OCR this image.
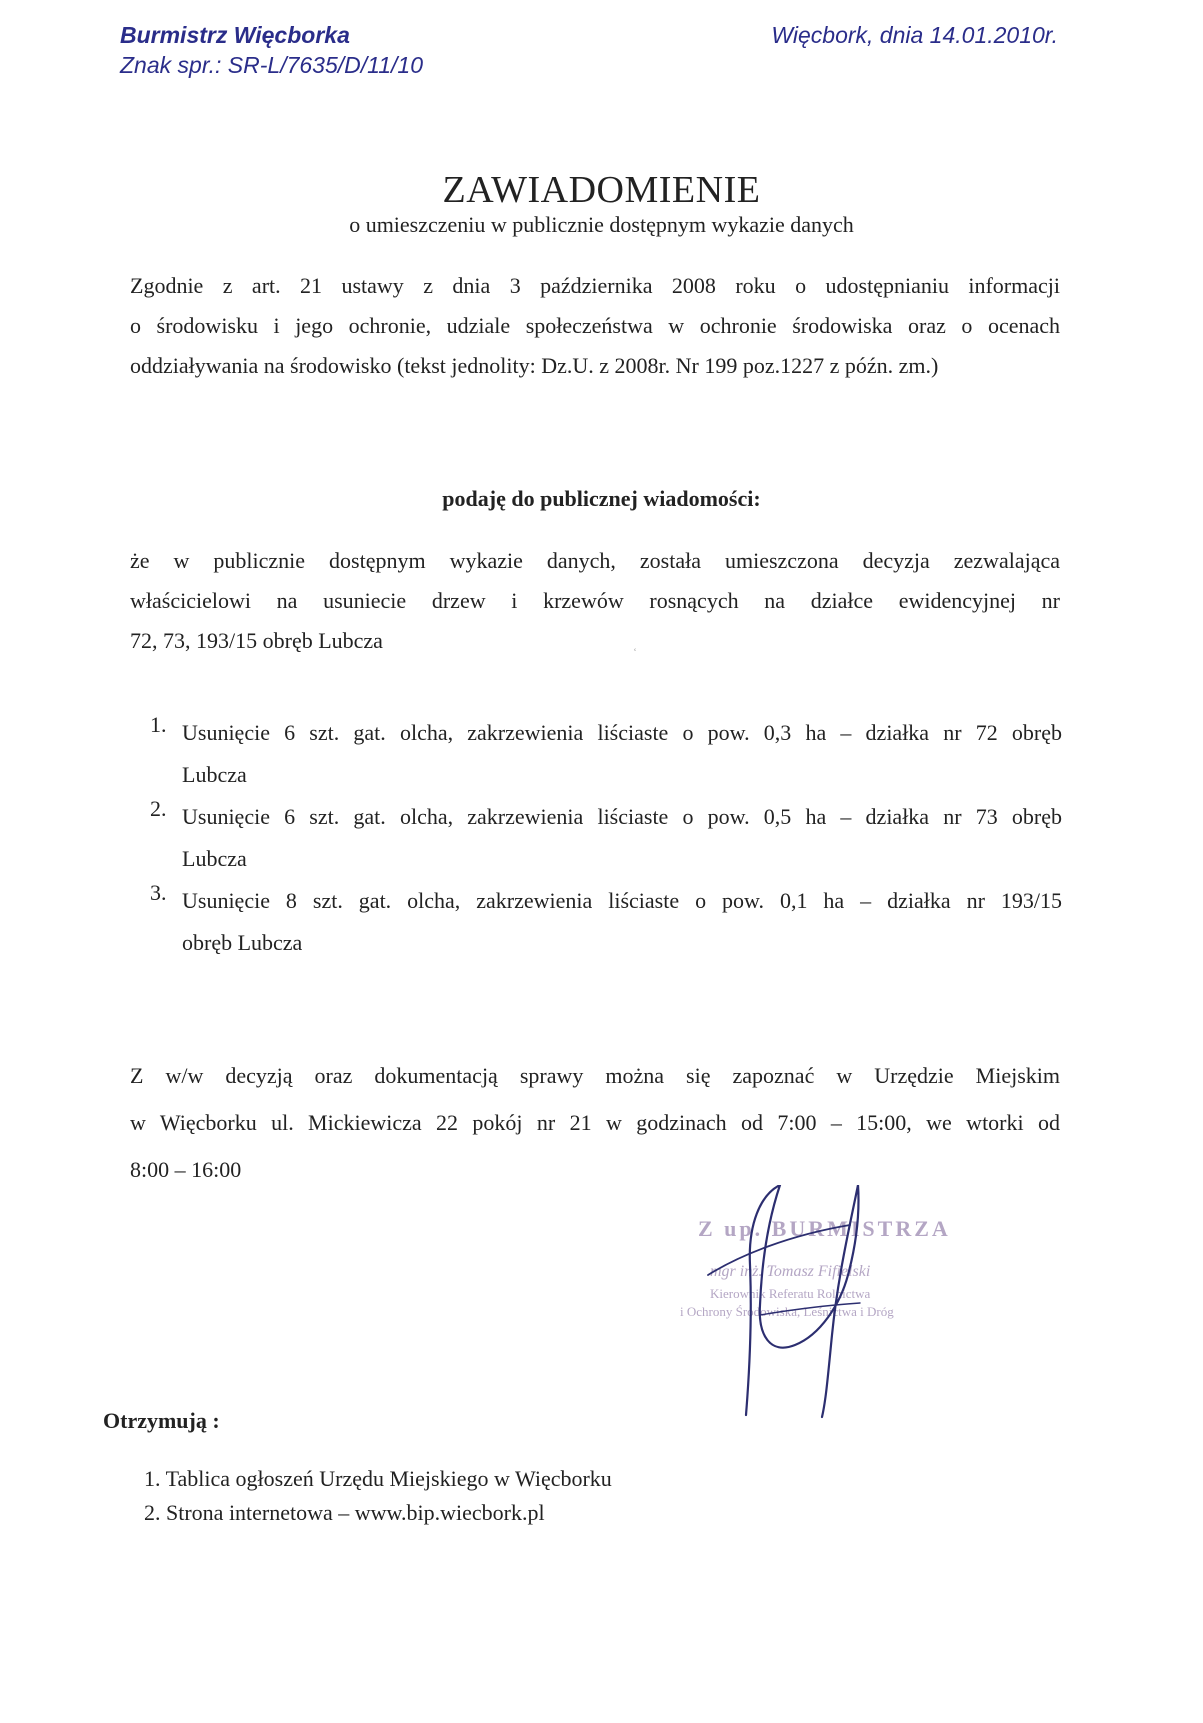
Burmistrz Więcborka
Znak spr.: SR-L/7635/D/11/10
Więcbork, dnia 14.01.2010r.
ZAWIADOMIENIE
o umieszczeniu w publicznie dostępnym wykazie danych
Zgodnie z art. 21 ustawy z dnia 3 października 2008 roku o udostępnianiu informacji
o środowisku i jego ochronie, udziale społeczeństwa w ochronie środowiska oraz o ocenach
oddziaływania na środowisko (tekst jednolity: Dz.U. z 2008r. Nr 199 poz.1227 z późn. zm.)
podaję do publicznej wiadomości:
że w publicznie dostępnym wykazie danych, została umieszczona decyzja zezwalająca
właścicielowi na usuniecie drzew i krzewów rosnących na działce ewidencyjnej nr
72, 73, 193/15 obręb Lubcza	ʿ
1. Usunięcie 6 szt. gat. olcha, zakrzewienia liściaste o pow. 0,3 ha – działka nr 72 obręb
Lubcza
2. Usunięcie 6 szt. gat. olcha, zakrzewienia liściaste o pow. 0,5 ha – działka nr 73 obręb
Lubcza
3. Usunięcie 8 szt. gat. olcha, zakrzewienia liściaste o pow. 0,1 ha – działka nr 193/15
obręb Lubcza
Z w/w decyzją oraz dokumentacją sprawy można się zapoznać w Urzędzie Miejskim
w Więcborku ul. Mickiewicza 22 pokój nr 21 w godzinach od 7:00 – 15:00, we wtorki od
8:00 – 16:00
Z up. BURMISTRZA
mgr inż. Tomasz Fifielski
Kierownik Referatu Rolnictwa
i Ochrony Środowiska, Leśnictwa i Dróg
Otrzymują :
1. Tablica ogłoszeń Urzędu Miejskiego w Więcborku
2. Strona internetowa – www.bip.wiecbork.pl
